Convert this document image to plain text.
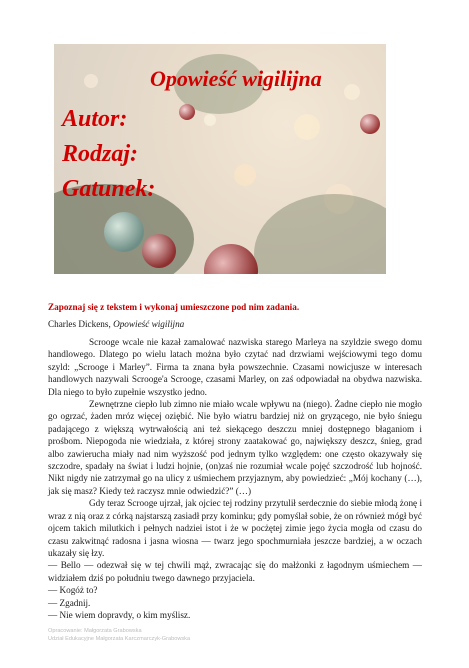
Opowieść wigilijna
Autor:
Rodzaj:
Gatunek:
sprzedam.pl
Zapoznaj się z tekstem i wykonaj umieszczone pod nim zadania.
Charles Dickens, Opowieść wigilijna

Scrooge wcale nie kazał zamalować nazwiska starego Marleya na szyldzie swego domu handlowego. Dlatego po wielu latach można było czytać nad drzwiami wejściowymi tego domu szyld: „Scrooge i Marley”. Firma ta znana była powszechnie. Czasami nowicjusze w interesach handlowych nazywali Scrooge'a Scrooge, czasami Marley, on zaś odpowiadał na obydwa nazwiska. Dla niego to było zupełnie wszystko jedno.

Zewnętrzne ciepło lub zimno nie miało wcale wpływu na (niego). Żadne ciepło nie mogło go ogrzać, żaden mróz więcej oziębić. Nie było wiatru bardziej niż on gryzącego, nie było śniegu padającego z większą wytrwałością ani też siekącego deszczu mniej dostępnego błaganiom i prośbom. Niepogoda nie wiedziała, z której strony zaatakować go, największy deszcz, śnieg, grad albo zawierucha miały nad nim wyższość pod jednym tylko względem: one często okazywały się szczodre, spadały na świat i ludzi hojnie, (on)zaś nie rozumiał wcale pojęć szczodrość lub hojność. Nikt nigdy nie zatrzymał go na ulicy z uśmiechem przyjaznym, aby powiedzieć: „Mój kochany (…), jak się masz? Kiedy też raczysz mnie odwiedzić?” (…)

Gdy teraz Scrooge ujrzał, jak ojciec tej rodziny przytulił serdecznie do siebie młodą żonę i wraz z nią oraz z córką najstarszą zasiadł przy kominku; gdy pomyślał sobie, że on również mógł być ojcem takich milutkich i pełnych nadziei istot i że w pocżętej zimie jego życia mogła od czasu do czasu zakwitnąć radosna i jasna wiosna — twarz jego spochmurniała jeszcze bardziej, a w oczach ukazały się łzy.

— Bello — odezwał się w tej chwili mąż, zwracając się do małżonki z łagodnym uśmiechem — widziałem dziś po południu twego dawnego przyjaciela.

— Kogóż to?

— Zgadnij.

— Nie wiem dopravdy, o kim myślisz.

Opracowanie: Małgorzata Grabowska
Udział Edukacyjne Małgorzata Karczmarczyk-Grabowska
